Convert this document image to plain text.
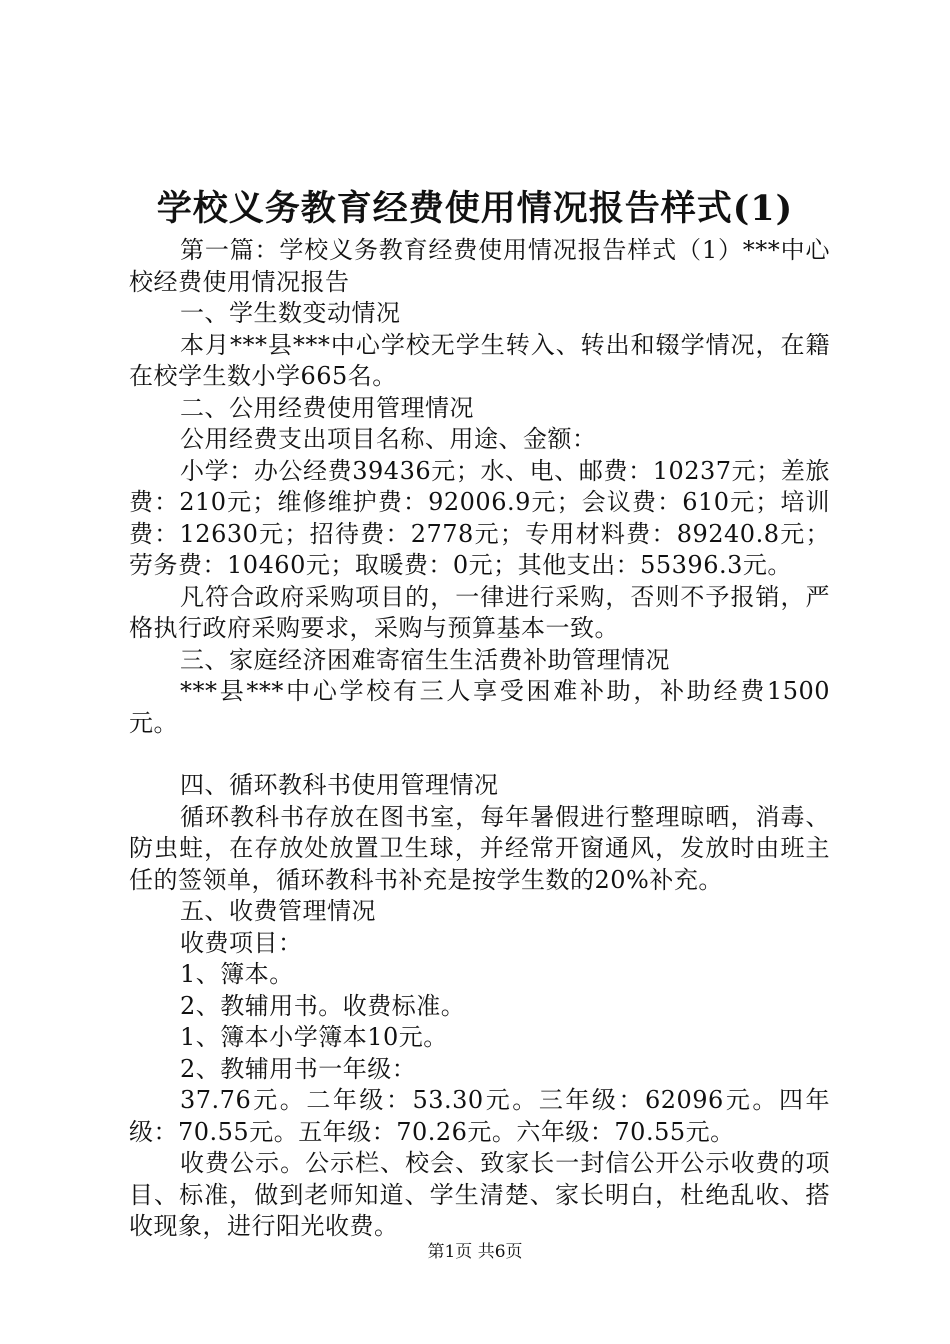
学校义务教育经费使用情况报告样式(1)

第一篇：学校义务教育经费使用情况报告样式（1）***中心校经费使用情况报告

一、学生数变动情况

本月***县***中心学校无学生转入、转出和辍学情况，在籍在校学生数小学665名。

二、公用经费使用管理情况

公用经费支出项目名称、用途、金额：

小学：办公经费39436元；水、电、邮费：10237元；差旅费：210元；维修维护费：92006.9元；会议费：610元；培训费：12630元；招待费：2778元；专用材料费：89240.8元；劳务费：10460元；取暖费：0元；其他支出：55396.3元。

凡符合政府采购项目的，一律进行采购，否则不予报销，严格执行政府采购要求，采购与预算基本一致。

三、家庭经济困难寄宿生生活费补助管理情况

***县***中心学校有三人享受困难补助，补助经费1500元。

四、循环教科书使用管理情况

循环教科书存放在图书室，每年暑假进行整理晾晒，消毒、防虫蛀，在存放处放置卫生球，并经常开窗通风，发放时由班主任的签领单，循环教科书补充是按学生数的20%补充。

五、收费管理情况

收费项目：

1、簿本。

2、教辅用书。收费标准。

1、簿本小学簿本10元。

2、教辅用书一年级：

37.76元。二年级：53.30元。三年级：62096元。四年级：70.55元。五年级：70.26元。六年级：70.55元。

收费公示。公示栏、校会、致家长一封信公开公示收费的项目、标准，做到老师知道、学生清楚、家长明白，杜绝乱收、搭收现象，进行阳光收费。

第1页 共6页
